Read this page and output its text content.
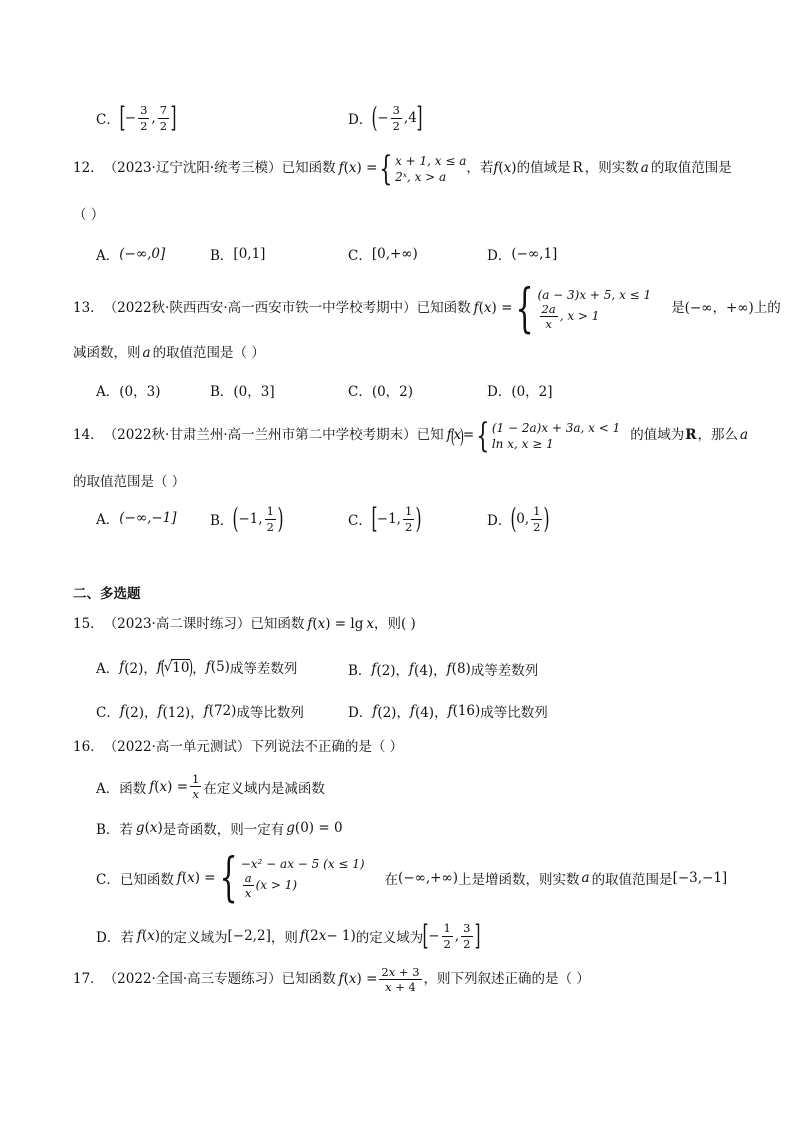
C． [ − $\frac{3}{2}$ , $\frac{7}{2}$ ]	D． ( − $\frac{3}{2} ,4$ ]
12． （2023·辽宁沈阳·统考三模） 已知函数 f ( x ) = { x + 1, x ≤ a
2ˣ, x > a
，若 f ( x ) 的值域是 R ，则实数 a 的取值范围是
（ ）
A． (−∞,0]	B． [0,1]	C． [0,+∞)	D． (−∞,1]
13． （2022秋·陕西西安·高一西安市铁一中学校考期中） 已知函数 f ( x ) = { (a − 3)x + 5, x ≤ 1
$\frac{2a}{x}$ , x > 1	是(−∞，+∞)上的
减函数，则 a 的取值范围是（ ）
A．(0，3)	B．(0，3]	C．(0，2)	D．(0，2]
14． （2022秋·甘肃兰州·高一兰州市第二中学校考期末） 已知 f
(
x
)
= { (1 − 2a)x + 3a, x < 1
ln x, x ≥ 1
的值域为 R ，那么 a
的取值范围是（ ）
A． (−∞,−1] B． ( −1, $\frac{1}{2}$ )	C． [ −1, $\frac{1}{2}$ )	D． ( 0, $\frac{1}{2}$ )
二、多选题
15． （2023·高二课时练习） 已知函数 f ( x ) = lg x ，则( )
A． f (2)， f
(
√ 10 )
， f (5) 成等差数列	B． f (2)， f (4)， f (8) 成等差数列
C． f (2)， f (12)， f (72) 成等比数列	D． f (2)， f (4)， f (16) 成等比数列
16． （2022·高一单元测试） 下列说法不正确的是（ ）
A． 函数 f ( x ) = $\frac{1}{x}$ 在定义域内是减函数
B． 若 g ( x ) 是奇函数，则一定有 g (0) = 0
C． 已知函数 f ( x ) = { −x² − ax − 5 (x ≤ 1)
$\frac{a}{x} (x > 1)$	在 (−∞,+∞) 上是增函数，则实数 a 的取值范围是 [−3,−1]
D． 若 f ( x ) 的定义域为 [−2,2] ，则 f (2 x − 1) 的定义域为 [ − $\frac{1}{2}$ , $\frac{3}{2}$ ]
17． （2022·全国·高三专题练习） 已知函数 f ( x ) = $\frac{2x + 3}{x + 4}$ ，则下列叙述正确的是（ ）
